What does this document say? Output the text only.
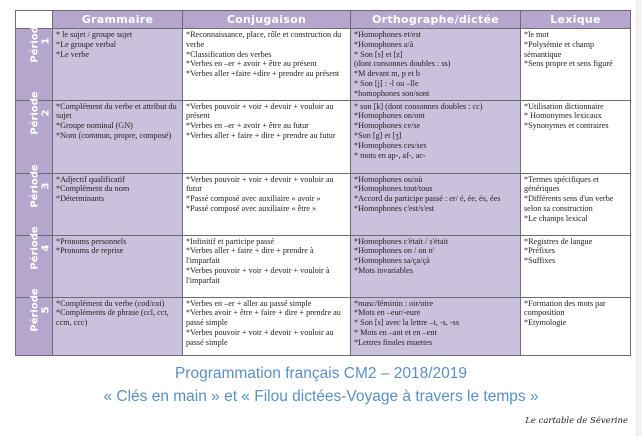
	Grammaire	Conjugaison	Orthographe/dictée	Lexique

Période 1

* le sujet / groupe sujet
*Le groupe verbal
*Le verbe

*Reconnaissance, place, rôle et construction du verbe
*Classification des verbes
*Verbes en –er + avoir + être au présent
*Verbes aller +faire +dire + prendre au présent

*Homophones et/est
*Homophones a/à
* Son [s] et [z]
(dont consonnes doubles : ss)
*M devant m, p et b
* Son [j] : -l ou –lle
*homophones son/sont

*le mot
*Polysémie et champ sémantique
*Sens propre et sens figuré

Période 2

*Complément du verbe et attribut du sujet
*Groupe nominal (GN)
*Nom (commun, propre, composé)

*Verbes pouvoir + voir + devoir + vouloir au présent
*Verbes en –er + avoir + être au futur
*Verbes aller + faire + dire + prendre au futur

* son [k] (dont consonnes doubles : cc)
*Homophones on/ont
*Homophones ce/se
*Son [g] et [ʒ]
*Homophones ces/ses
* mots en ap-, af-, ac-

*Utilisation dictionnaire
* Homonymes lexicaux
*Synonymes et contraires

Période 3	*Adjectif qualificatif
*Complément du nom
*Déterminants	*Verbes pouvoir + voir + devoir + vouloir au futur
*Passé composé avec auxiliaire « avoir »
*Passé composé avec auxiliaire « être »	*Homophones ou/où
*Homophones tout/tous
*Accord du participe passé : er/ é, ée, és, ées
*Homophones c'est/s'est	*Termes spécifiques et génériques
*Différents sens d'un verbe selon sa construction
*Le champs lexical

Période 4	*Pronoms personnels
*Pronoms de reprise	*Infinitif et participe passé
*Verbes aller + faire + dire + prendre à l'imparfait
*Verbes pouvoir + voir + devoir + vouloir à l'imparfait	*Homophones c'était / s'était
*Homophones on / on n'
*Homophones sa/ça/çà
*Mots invariables	*Registres de langue
*Préfixes
*Suffixes

Période 5	*Complément du verbe (cod/coi)
*Compléments de phrase (ccl, cct, ccm, ccc)	*Verbes en –er + aller au passé simple
*Verbes avoir + être + faire + dire + prendre au passé simple
*Verbes pouvoir + voir + devoir + vouloir au passé simple	*masc/féminin : oir/oire
*Mots en –eur/-eure
* Son [s] avec la lettre –t, -s, -ss
* Mots en –ant et en –ent
*Lettres finales muettes	*Formation des mots par composition
*Etymologie
Programmation français CM2 – 2018/2019
« Clés en main » et « Filou dictées-Voyage à travers le temps »
Le cartable de Séverine
